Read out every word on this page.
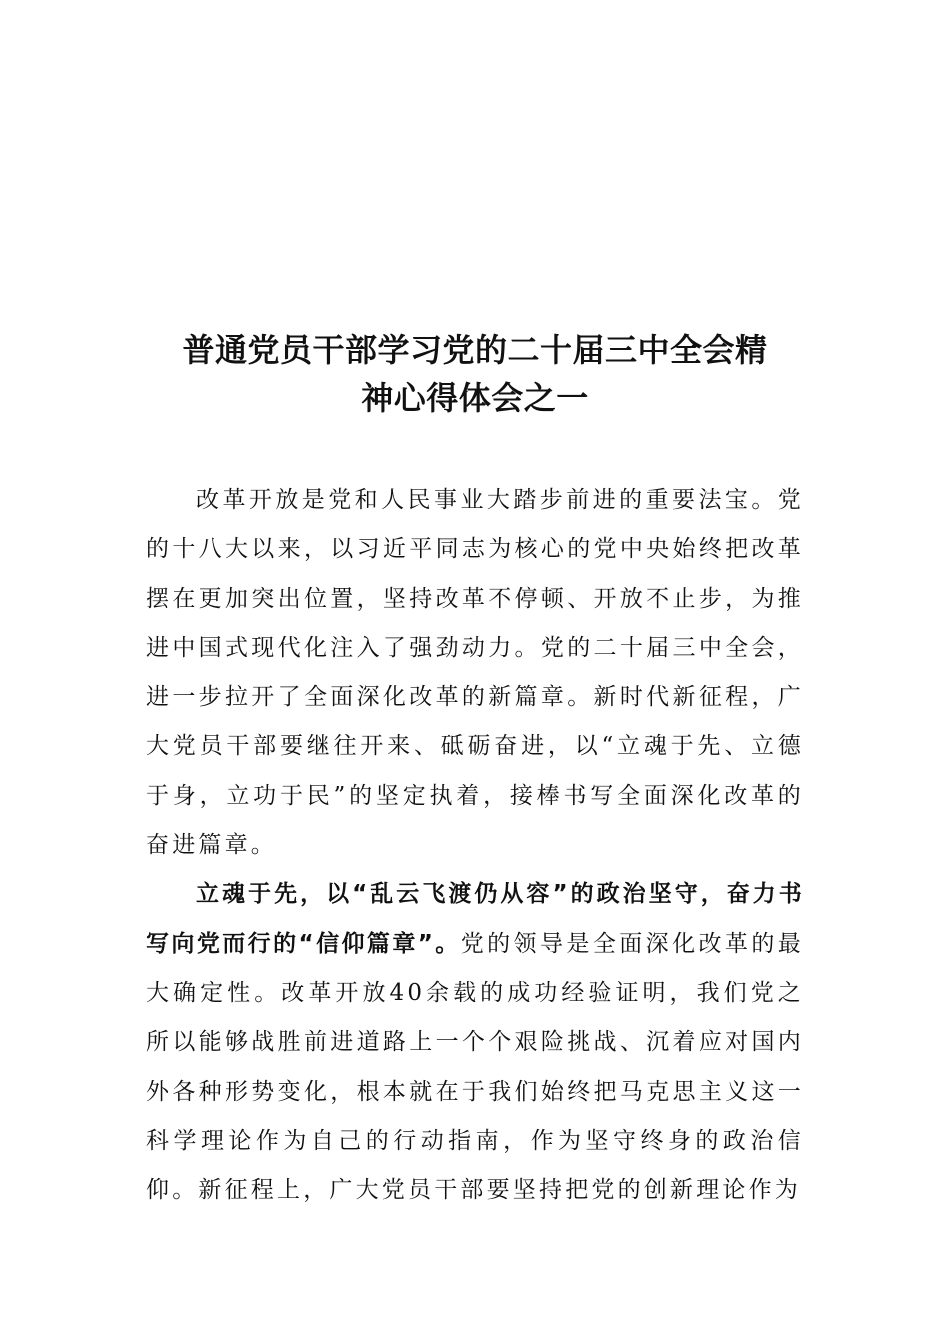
普通党员干部学习党的二十届三中全会精
神心得体会之一

改革开放是党和人民事业大踏步前进的重要法宝。党的十八大以来，以习近平同志为核心的党中央始终把改革摆在更加突出位置，坚持改革不停顿、开放不止步，为推进中国式现代化注入了强劲动力。党的二十届三中全会，进一步拉开了全面深化改革的新篇章。新时代新征程，广大党员干部要继往开来、砥砺奋进，以“立魂于先、立德于身，立功于民”的坚定执着，接棒书写全面深化改革的奋进篇章。

立魂于先，以“乱云飞渡仍从容”的政治坚守，奋力书写向党而行的“信仰篇章”。党的领导是全面深化改革的最大确定性。改革开放40余载的成功经验证明，我们党之所以能够战胜前进道路上一个个艰险挑战、沉着应对国内外各种形势变化，根本就在于我们始终把马克思主义这一科学理论作为自己的行动指南，作为坚守终身的政治信仰。新征程上，广大党员干部要坚持把党的创新理论作为
